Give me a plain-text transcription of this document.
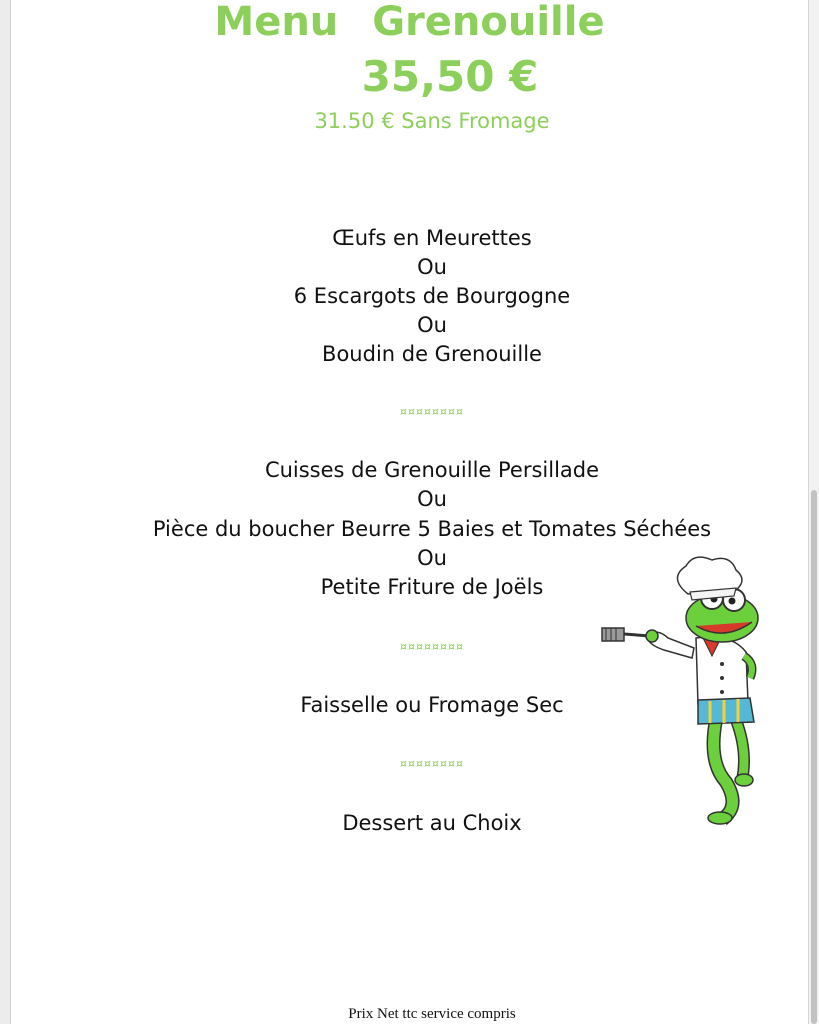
Menu Grenouille
35,50 €
31.50 € Sans Fromage
Œufs en Meurettes
Ou
6 Escargots de Bourgogne
Ou
Boudin de Grenouille
¤¤¤¤¤¤¤¤
Cuisses de Grenouille Persillade
Ou
Pièce du boucher Beurre 5 Baies et Tomates Séchées
Ou
Petite Friture de Joëls
¤¤¤¤¤¤¤¤
Faisselle ou Fromage Sec
¤¤¤¤¤¤¤¤
Dessert au Choix
Prix Net ttc service compris
